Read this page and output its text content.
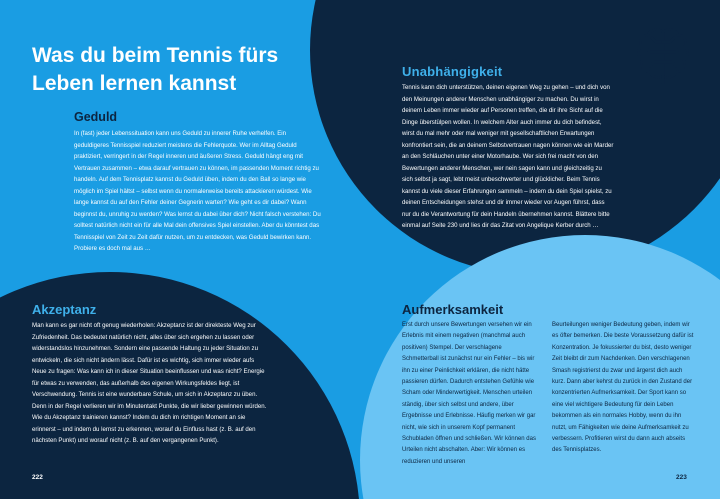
Was du beim Tennis fürs Leben lernen kannst
Geduld
In (fast) jeder Lebenssituation kann uns Geduld zu innerer Ruhe verhelfen. Ein geduldigeres Tennisspiel reduziert meistens die Fehlerquote. Wer im Alltag Geduld praktiziert, verringert in der Regel inneren und äußeren Stress. Geduld hängt eng mit Vertrauen zusammen – etwa darauf vertrauen zu können, im passenden Moment richtig zu handeln. Auf dem Tennisplatz kannst du Geduld üben, indem du den Ball so lange wie möglich im Spiel hältst – selbst wenn du normalerweise bereits attackieren würdest. Wie lange kannst du auf den Fehler deiner Gegnerin warten? Wie geht es dir dabei? Wann beginnst du, unruhig zu werden? Was lernst du dabei über dich? Nicht falsch verstehen: Du solltest natürlich nicht ein für alle Mal dein offensives Spiel einstellen. Aber du könntest das Tennisspiel von Zeit zu Zeit dafür nutzen, um zu entdecken, was Geduld bewirken kann. Probiere es doch mal aus …
Unabhängigkeit
Tennis kann dich unterstützen, deinen eigenen Weg zu gehen – und dich von den Meinungen anderer Menschen unabhängiger zu machen. Du wirst in deinem Leben immer wieder auf Personen treffen, die dir ihre Sicht auf die Dinge überstülpen wollen. In welchem Alter auch immer du dich befindest, wirst du mal mehr oder mal weniger mit gesellschaftlichen Erwartungen konfrontiert sein, die an deinem Selbstvertrauen nagen können wie ein Marder an den Schläuchen unter einer Motorhaube. Wer sich frei macht von den Bewertungen anderer Menschen, wer nein sagen kann und gleichzeitig zu sich selbst ja sagt, lebt meist unbeschwerter und glücklicher. Beim Tennis kannst du viele dieser Erfahrungen sammeln – indem du dein Spiel spielst, zu deinen Entscheidungen stehst und dir immer wieder vor Augen führst, dass nur du die Verantwortung für dein Handeln übernehmen kannst. Blättere bitte einmal auf Seite 230 und lies dir das Zitat von Angelique Kerber durch …
Akzeptanz
Man kann es gar nicht oft genug wiederholen: Akzeptanz ist der direkteste Weg zur Zufriedenheit. Das bedeutet natürlich nicht, alles über sich ergehen zu lassen oder widerstandslos hinzunehmen. Sondern eine passende Haltung zu jeder Situation zu entwickeln, die sich nicht ändern lässt. Dafür ist es wichtig, sich immer wieder aufs Neue zu fragen: Was kann ich in dieser Situation beeinflussen und was nicht? Energie für etwas zu verwenden, das außerhalb des eigenen Wirkungsfeldes liegt, ist Verschwendung. Tennis ist eine wunderbare Schule, um sich in Akzeptanz zu üben. Denn in der Regel verlieren wir im Minutentakt Punkte, die wir lieber gewinnen würden. Wie du Akzeptanz trainieren kannst? Indem du dich im richtigen Moment an sie erinnerst – und indem du lernst zu erkennen, worauf du Einfluss hast (z. B. auf den nächsten Punkt) und worauf nicht (z. B. auf den vergangenen Punkt).
Aufmerksamkeit
Erst durch unsere Bewertungen versehen wir ein Erlebnis mit einem negativen (manchmal auch positiven) Stempel. Der verschlagene Schmetterball ist zunächst nur ein Fehler – bis wir ihn zu einer Peinlichkeit erklären, die nicht hätte passieren dürfen. Dadurch entstehen Gefühle wie Scham oder Minderwertigkeit. Menschen urteilen ständig, über sich selbst und andere, über Ergebnisse und Erlebnisse. Häufig merken wir gar nicht, wie sich in unserem Kopf permanent Schubladen öffnen und schließen. Wir können das Urteilen nicht abschalten. Aber: Wir können es reduzieren und unseren
Beurteilungen weniger Bedeutung geben, indem wir es öfter bemerken. Die beste Voraussetzung dafür ist Konzentration. Je fokussierter du bist, desto weniger Zeit bleibt dir zum Nachdenken. Den verschlagenen Smash registrierst du zwar und ärgerst dich auch kurz. Dann aber kehrst du zurück in den Zustand der konzentrierten Aufmerksamkeit. Der Sport kann so eine viel wichtigere Bedeutung für dein Leben bekommen als ein normales Hobby, wenn du ihn nutzt, um Fähigkeiten wie deine Aufmerksamkeit zu verbessern. Profitieren wirst du dann auch abseits des Tennisplatzes.
222	223
